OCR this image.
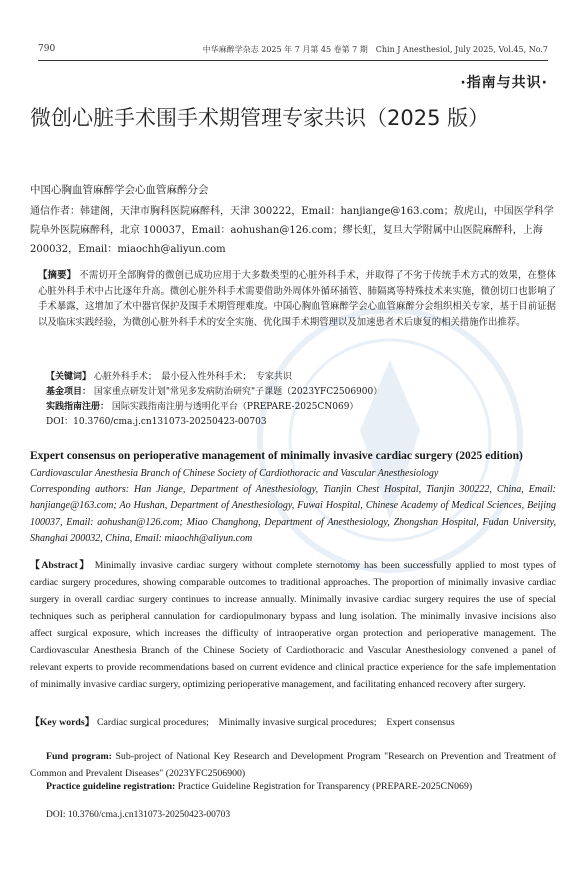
790	中华麻醉学杂志 2025 年 7 月第 45 卷第 7 期　Chin J Anesthesiol, July 2025, Vol.45, No.7
·指南与共识·
微创心脏手术围手术期管理专家共识（2025 版）
中国心胸血管麻醉学会心血管麻醉分会
通信作者：韩建阁，天津市胸科医院麻醉科，天津 300222，Email：hanjiange@163.com；敖虎山，中国医学科学院阜外医院麻醉科，北京 100037，Email：aohushan@126.com；缪长虹，复旦大学附属中山医院麻醉科，上海 200032，Email：miaochh@aliyun.com
【摘要】 不需切开全部胸骨的微创已成功应用于大多数类型的心脏外科手术，并取得了不劣于传统手术方式的效果，在整体心脏外科手术中占比逐年升高。微创心脏外科手术需要借助外周体外循环插管、肺隔离等特殊技术来实施，微创切口也影响了手术暴露，这增加了术中器官保护及围手术期管理难度。中国心胸血管麻醉学会心血管麻醉分会组织相关专家，基于目前证据以及临床实践经验，为微创心脏外科手术的安全实施、优化围手术期管理以及加速患者术后康复的相关措施作出推荐。
【关键词】 心脏外科手术；　最小侵入性外科手术；　专家共识
基金项目： 国家重点研发计划"常见多发病防治研究"子课题（2023YFC2506900）
实践指南注册： 国际实践指南注册与透明化平台（PREPARE-2025CN069）
DOI：10.3760/cma.j.cn131073-20250423-00703
Expert consensus on perioperative management of minimally invasive cardiac surgery (2025 edition)
Cardiovascular Anesthesia Branch of Chinese Society of Cardiothoracic and Vascular Anesthesiology
Corresponding authors: Han Jiange, Department of Anesthesiology, Tianjin Chest Hospital, Tianjin 300222, China, Email: hanjiange@163.com; Ao Hushan, Department of Anesthesiology, Fuwai Hospital, Chinese Academy of Medical Sciences, Beijing 100037, Email: aohushan@126.com; Miao Changhong, Department of Anesthesiology, Zhongshan Hospital, Fudan University, Shanghai 200032, China, Email: miaochh@aliyun.com
【Abstract】 Minimally invasive cardiac surgery without complete sternotomy has been successfully applied to most types of cardiac surgery procedures, showing comparable outcomes to traditional approaches. The proportion of minimally invasive cardiac surgery in overall cardiac surgery continues to increase annually. Minimally invasive cardiac surgery requires the use of special techniques such as peripheral cannulation for cardiopulmonary bypass and lung isolation. The minimally invasive incisions also affect surgical exposure, which increases the difficulty of intraoperative organ protection and perioperative management. The Cardiovascular Anesthesia Branch of the Chinese Society of Cardiothoracic and Vascular Anesthesiology convened a panel of relevant experts to provide recommendations based on current evidence and clinical practice experience for the safe implementation of minimally invasive cardiac surgery, optimizing perioperative management, and facilitating enhanced recovery after surgery.
【Key words】 Cardiac surgical procedures;　Minimally invasive surgical procedures;　Expert consensus
Fund program: Sub-project of National Key Research and Development Program "Research on Prevention and Treatment of Common and Prevalent Diseases" (2023YFC2506900)
Practice guideline registration: Practice Guideline Registration for Transparency (PREPARE-2025CN069)
DOI: 10.3760/cma.j.cn131073-20250423-00703
